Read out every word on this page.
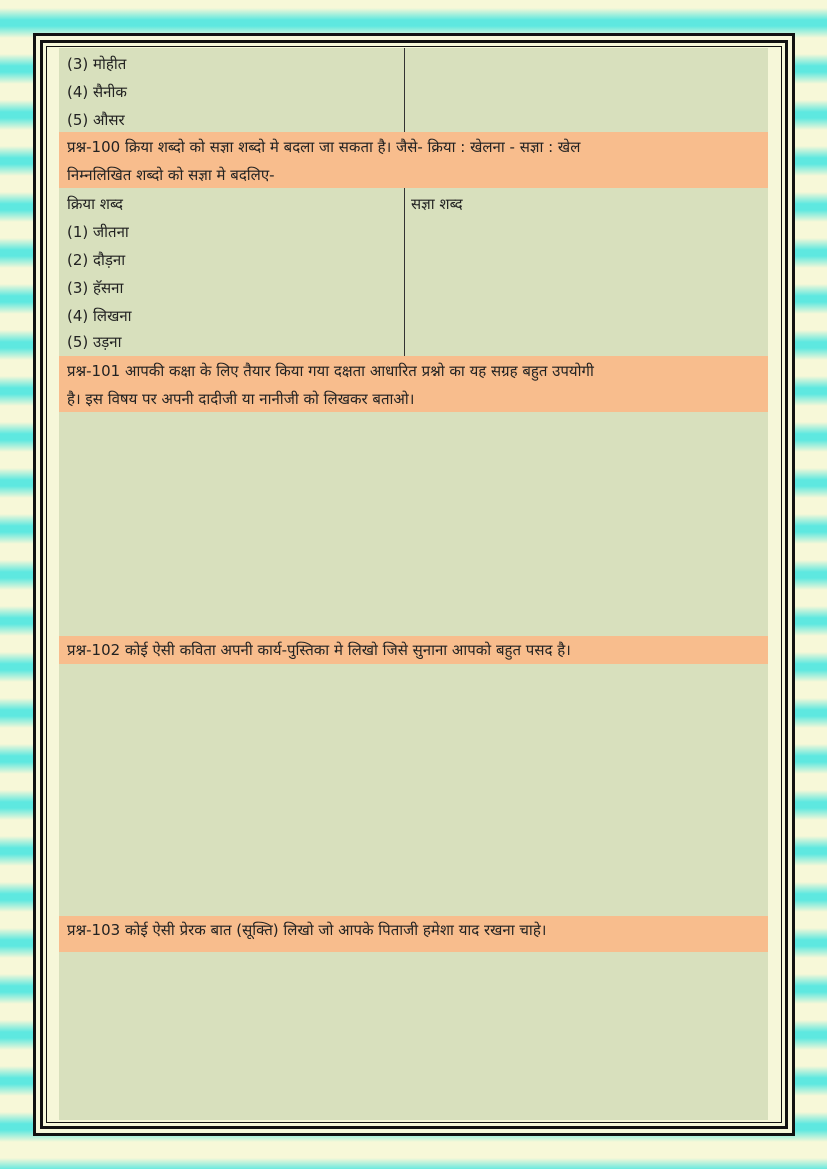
(3) मोहीत
(4) सैनीक
(5) औसर
प्रश्न-100 क्रिया शब्दो को सज्ञा शब्दो मे बदला जा सकता है। जैसे- क्रिया : खेलना - सज्ञा : खेल
निम्नलिखित शब्दो को सज्ञा मे बदलिए-
क्रिया शब्द	सज्ञा शब्द
(1) जीतना
(2) दौड़ना
(3) हॅसना
(4) लिखना
(5) उड़ना
प्रश्न-101 आपकी कक्षा के लिए तैयार किया गया दक्षता आधारित प्रश्नो का यह सग्रह बहुत उपयोगी
है। इस विषय पर अपनी दादीजी या नानीजी को लिखकर बताओ।
प्रश्न-102 कोई ऐसी कविता अपनी कार्य-पुस्तिका मे लिखो जिसे सुनाना आपको बहुत पसद है।
प्रश्न-103 कोई ऐसी प्रेरक बात (सूक्ति) लिखो जो आपके पिताजी हमेशा याद रखना चाहे।
